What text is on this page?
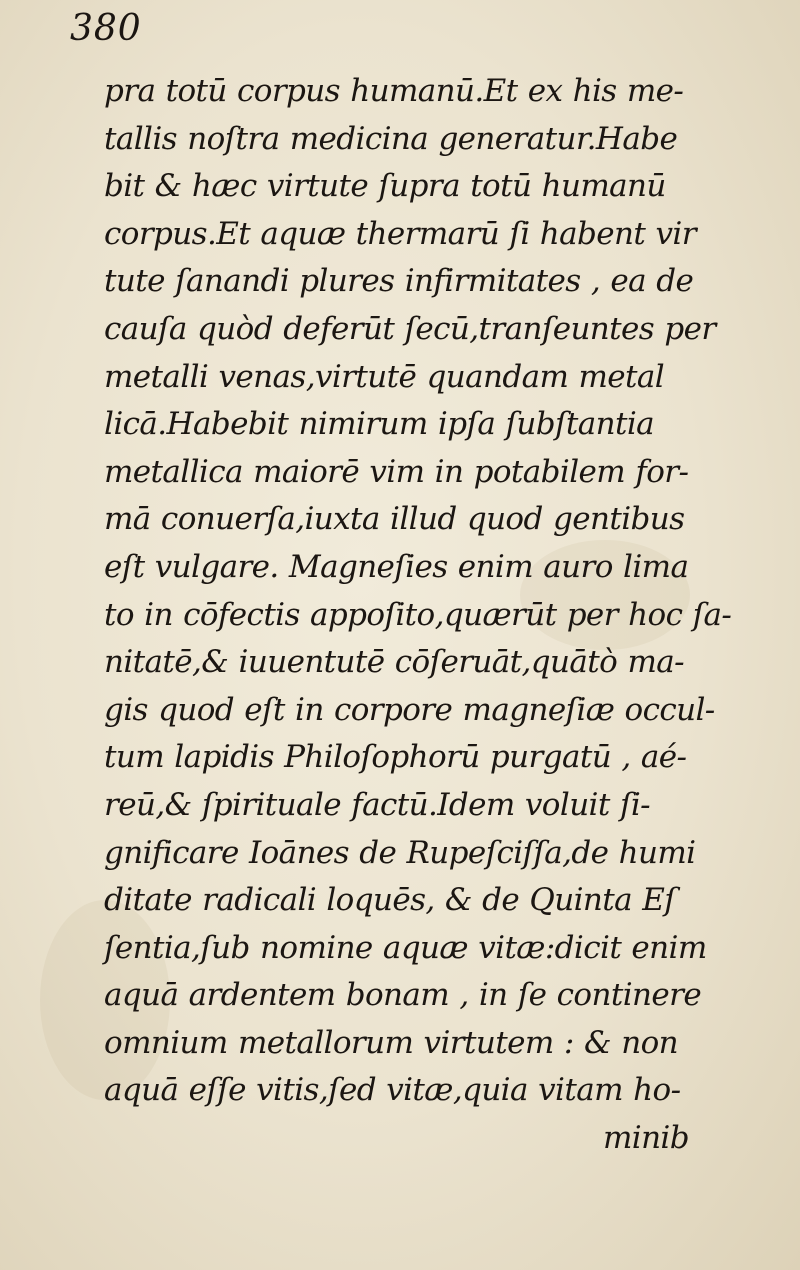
380
pra totū corpus humanū.Et ex his me-
tallis noſtra medicina generatur.Habe
bit & hæc virtute ſupra totū humanū
corpus.Et aquæ thermarū ſi habent vir
tute ſanandi plures infirmitates , ea de
cauſa quòd deferūt ſecū,tranſeuntes per
metalli venas,virtutē quandam metal
licā.Habebit nimirum ipſa ſubſtantia
metallica maiorē vim in potabilem for-
mā conuerſa,iuxta illud quod gentibus
eſt vulgare. Magneſies enim auro lima
to in cōfectis appoſito,quærūt per hoc ſa-
nitatē,& iuuentutē cōſeruāt,quātò ma-
gis quod eſt in corpore magneſiæ occul-
tum lapidis Philoſophorū purgatū , aé-
reū,& ſpirituale factū.Idem voluit ſi-
gnificare Ioānes de Rupeſciſſa,de humi
ditate radicali loquēs, & de Quinta Eſ
ſentia,ſub nomine aquæ vitæ:dicit enim
aquā ardentem bonam , in ſe continere
omnium metallorum virtutem : & non
aquā eſſe vitis,ſed vitæ,quia vitam ho-
minib
